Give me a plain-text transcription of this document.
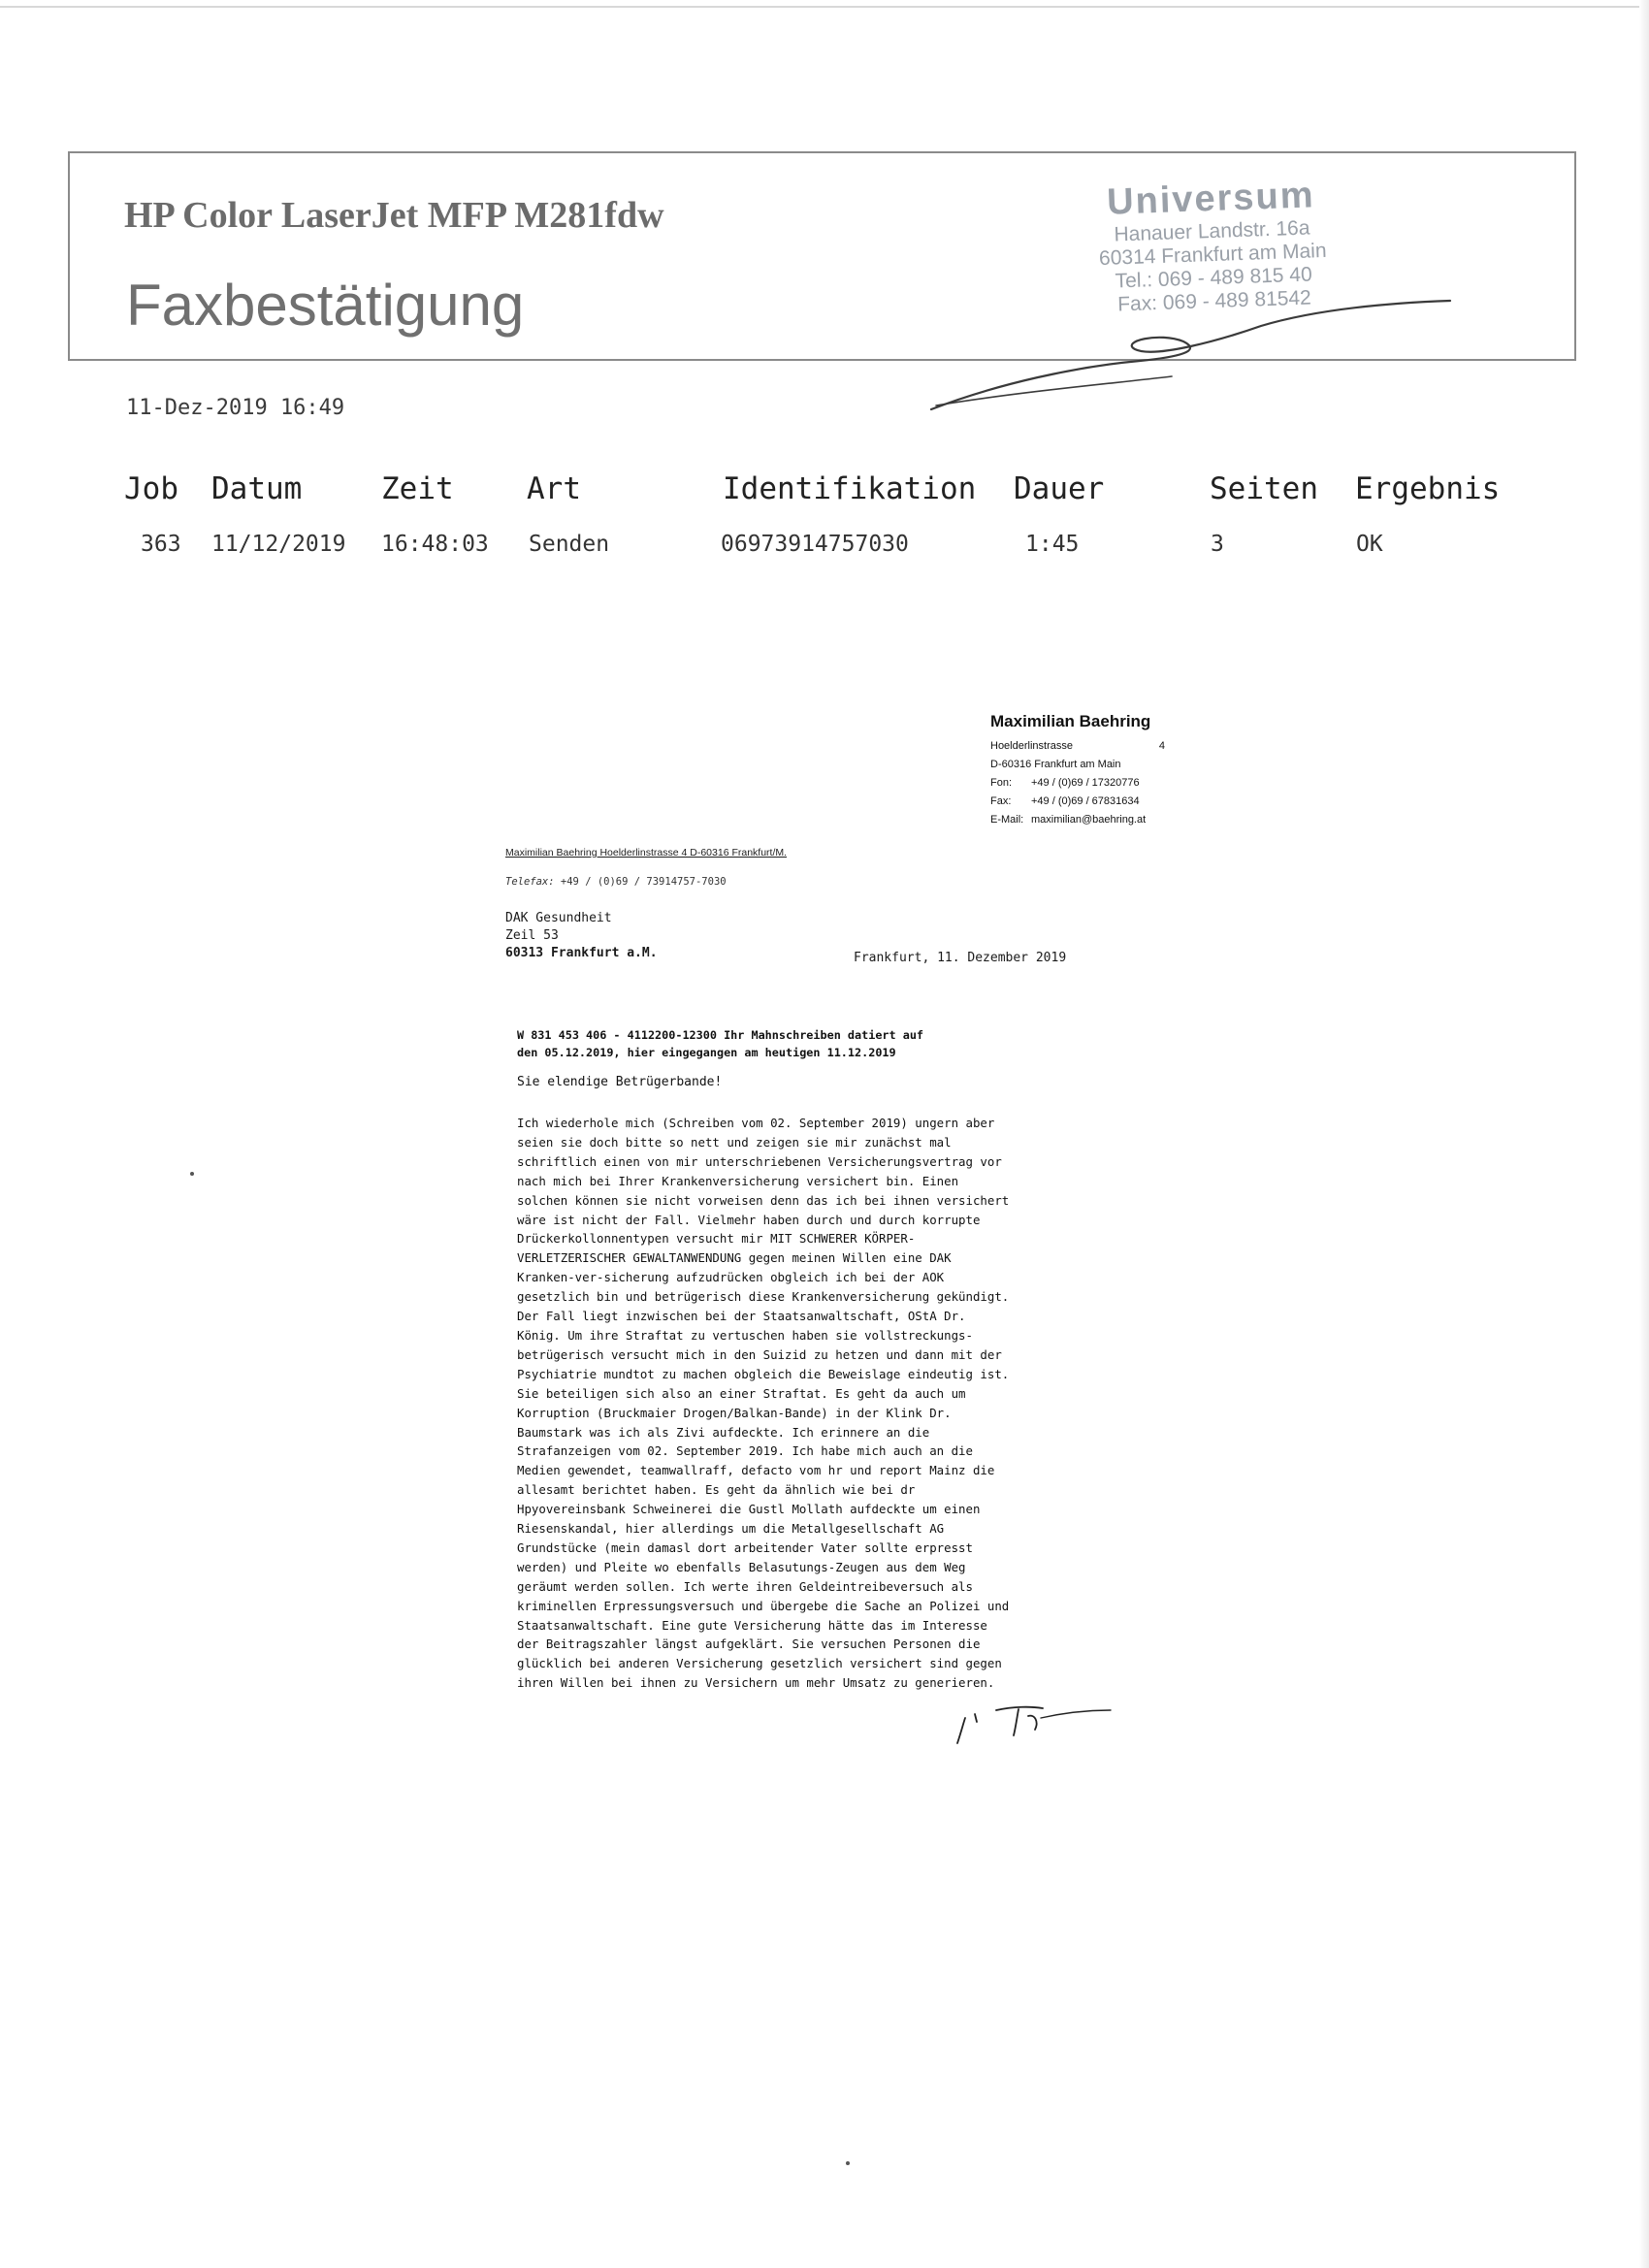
HP Color LaserJet MFP M281fdw
Faxbestätigung
Universum
Hanauer Landstr. 16a
60314 Frankfurt am Main
Tel.: 069 - 489 815 40
Fax: 069 - 489 81542
11-Dez-2019 16:49
Job Datum	Zeit Art	Identifikation Dauer	Seiten Ergebnis
363 11/12/2019 16:48:03 Senden	06973914757030	1:45	3	OK
Maximilian Baehring
Hoelderlinstrasse	4
D-60316 Frankfurt am Main
Fon:	+49 / (0)69 / 17320776
Fax:	+49 / (0)69 / 67831634
E-Mail: maximilian@baehring.at
Maximilian Baehring Hoelderlinstrasse 4 D-60316 Frankfurt/M.
Telefax: +49 / (0)69 / 73914757-7030
DAK Gesundheit
Zeil 53
60313 Frankfurt a.M.	Frankfurt, 11. Dezember 2019
W 831 453 406 - 4112200-12300 Ihr Mahnschreiben datiert auf
den 05.12.2019, hier eingegangen am heutigen 11.12.2019
Sie elendige Betrügerbande!
Ich wiederhole mich (Schreiben vom 02. September 2019) ungern aber
seien sie doch bitte so nett und zeigen sie mir zunächst mal
schriftlich einen von mir unterschriebenen Versicherungsvertrag vor
nach mich bei Ihrer Krankenversicherung versichert bin. Einen
solchen können sie nicht vorweisen denn das ich bei ihnen versichert
wäre ist nicht der Fall. Vielmehr haben durch und durch korrupte
Drückerkollonnentypen versucht mir MIT SCHWERER KÖRPER-
VERLETZERISCHER GEWALTANWENDUNG gegen meinen Willen eine DAK
Kranken-ver-sicherung aufzudrücken obgleich ich bei der AOK
gesetzlich bin und betrügerisch diese Krankenversicherung gekündigt.
Der Fall liegt inzwischen bei der Staatsanwaltschaft, OStA Dr.
König. Um ihre Straftat zu vertuschen haben sie vollstreckungs-
betrügerisch versucht mich in den Suizid zu hetzen und dann mit der
Psychiatrie mundtot zu machen obgleich die Beweislage eindeutig ist.
Sie beteiligen sich also an einer Straftat. Es geht da auch um
Korruption (Bruckmaier Drogen/Balkan-Bande) in der Klink Dr.
Baumstark was ich als Zivi aufdeckte. Ich erinnere an die
Strafanzeigen vom 02. September 2019. Ich habe mich auch an die
Medien gewendet, teamwallraff, defacto vom hr und report Mainz die
allesamt berichtet haben. Es geht da ähnlich wie bei dr
Hpyovereinsbank Schweinerei die Gustl Mollath aufdeckte um einen
Riesenskandal, hier allerdings um die Metallgesellschaft AG
Grundstücke (mein damasl dort arbeitender Vater sollte erpresst
werden) und Pleite wo ebenfalls Belasutungs-Zeugen aus dem Weg
geräumt werden sollen. Ich werte ihren Geldeintreibeversuch als
kriminellen Erpressungsversuch und übergebe die Sache an Polizei und
Staatsanwaltschaft. Eine gute Versicherung hätte das im Interesse
der Beitragszahler längst aufgeklärt. Sie versuchen Personen die
glücklich bei anderen Versicherung gesetzlich versichert sind gegen
ihren Willen bei ihnen zu Versichern um mehr Umsatz zu generieren.
